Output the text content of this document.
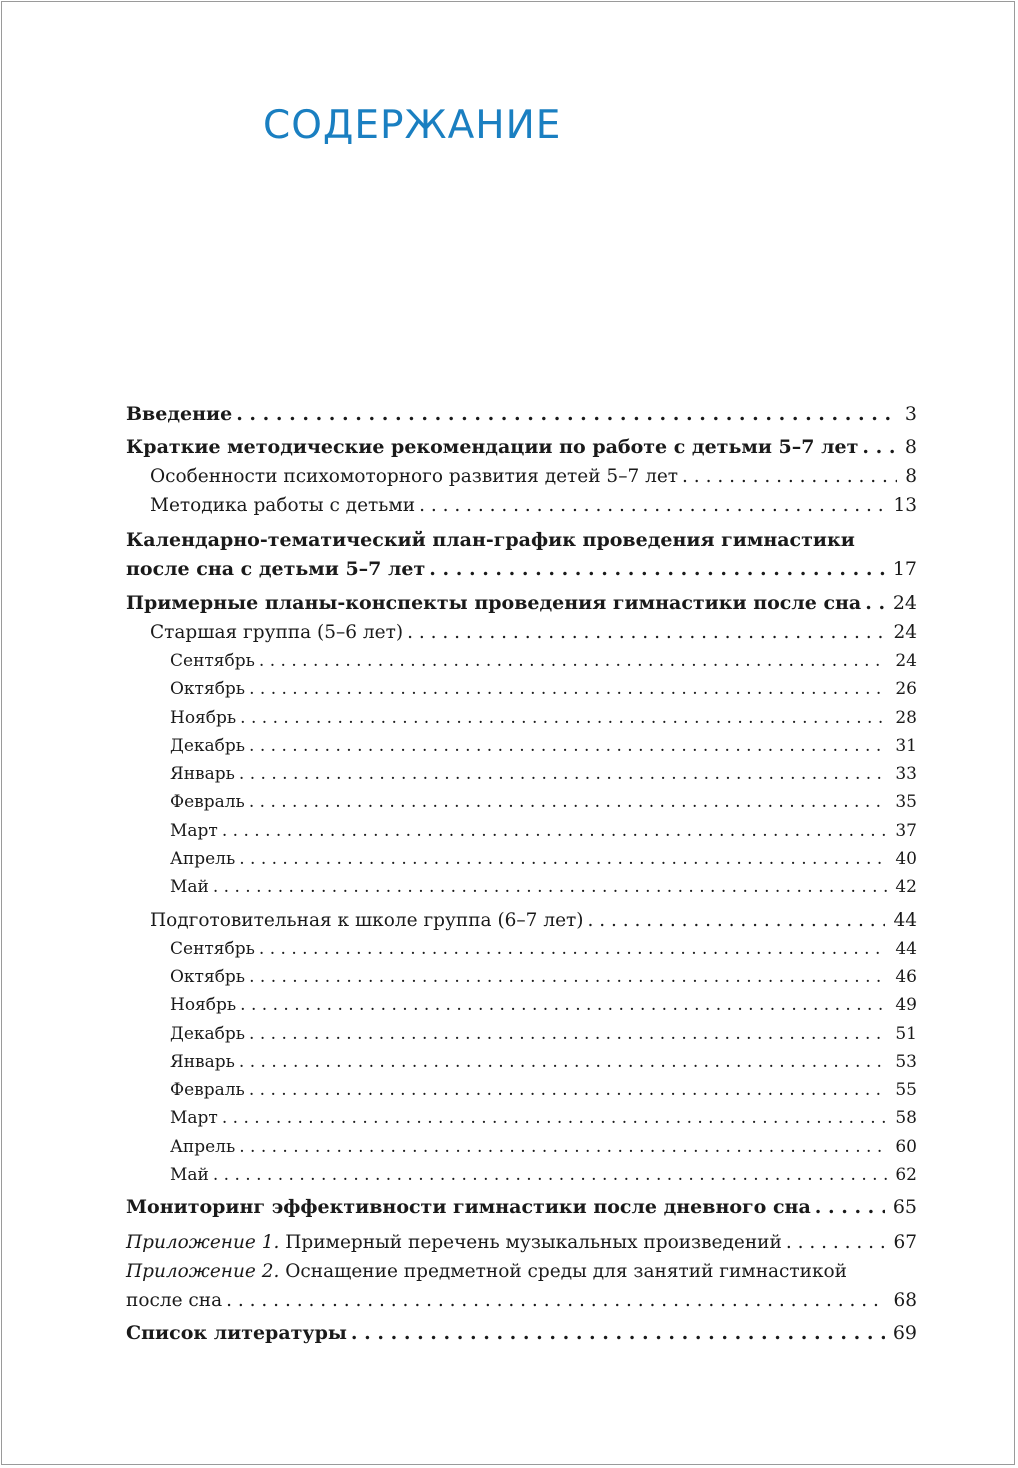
СОДЕРЖАНИЕ
Введение . . .	3
Краткие методические рекомендации по работе с детьми 5–7 лет . . . 8
Особенности психомоторного развития детей 5–7 лет . . .	8
Методика работы с детьми . . .	13
Календарно-тематический план-график проведения гимнастики
после сна с детьми 5–7 лет . . .	17
Примерные планы-конспекты проведения гимнастики после сна . . . 24
Старшая группа (5–6 лет) . . .	24
Сентябрь . . .	24
Октябрь . . .	26
Ноябрь . . .	28
Декабрь . . .	31
Январь . . .	33
Февраль . . .	35
Март . . .	37
Апрель . . .	40
Май . . .	42
Подготовительная к школе группа (6–7 лет) . . .	44
Сентябрь . . .	44
Октябрь . . .	46
Ноябрь . . .	49
Декабрь . . .	51
Январь . . .	53
Февраль . . .	55
Март . . .	58
Апрель . . .	60
Май . . .	62
Мониторинг эффективности гимнастики после дневного сна . . .	65
Приложение 1. Примерный перечень музыкальных произведений . . .	67
Приложение 2. Оснащение предметной среды для занятий гимнастикой
после сна . . .	68
Список литературы . . .	69
